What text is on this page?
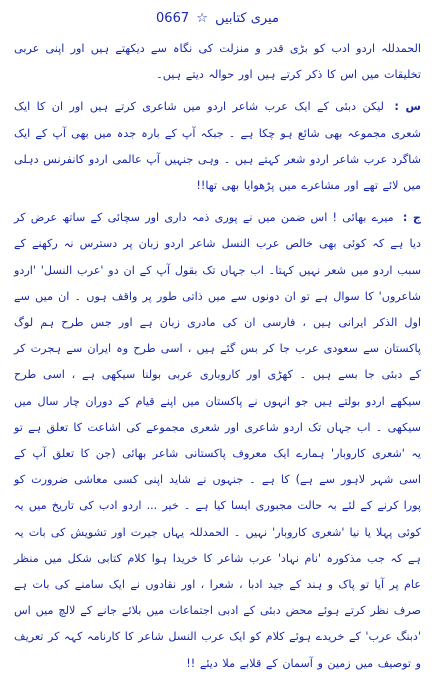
میری کتابیں ☆ 0667

الحمدللہ اردو ادب کو بڑی قدر و منزلت کی نگاہ سے دیکھتے ہیں اور اپنی عربی تخلیقات میں اس کا ذکر کرتے ہیں اور حوالہ دیتے ہیں۔

س : لیکن دبئی کے ایک عرب شاعر اردو میں شاعری کرتے ہیں اور ان کا ایک شعری مجموعہ بھی شائع ہو چکا ہے ۔ جبکہ آپ کے بارہ جدہ میں بھی آپ کے ایک شاگرد عرب شاعر اردو شعر کہتے ہیں ۔ وہی جنہیں آپ عالمی اردو کانفرنس دہلی میں لائے تھے اور مشاعرے میں پڑھوایا بھی تھا!!

ج : میرے بھائی ! اس ضمن میں نے پوری ذمہ داری اور سچائی کے ساتھ عرض کر دیا ہے کہ کوئی بھی خالص عرب النسل شاعر اردو زبان پر دسترس نہ رکھنے کے سبب اردو میں شعر نہیں کہتا۔ اب جہاں تک بقول آپ کے ان دو 'عرب النسل' 'اردو شاعروں' کا سوال ہے تو ان دونوں سے میں ذاتی طور پر واقف ہوں ۔ ان میں سے اول الذکر ایرانی ہیں ، فارسی ان کی مادری زبان ہے اور جس طرح ہم لوگ پاکستان سے سعودی عرب جا کر بس گئے ہیں ، اسی طرح وہ ایران سے ہجرت کر کے دبئی جا بسے ہیں ۔ کھڑی اور کاروباری عربی بولنا سیکھی ہے ، اسی طرح سیکھے اردو بولتے ہیں جو انہوں نے پاکستان میں اپنے قیام کے دوران چار سال میں سیکھی ۔ اب جہاں تک اردو شاعری اور شعری مجموعے کی اشاعت کا تعلق ہے تو یہ 'شعری کاروبار' ہمارے ایک معروف پاکستانی شاعر بھائی (جن کا تعلق آپ کے اسی شہر لاہور سے ہے) کا ہے ۔ جنہوں نے شاید اپنی کسی معاشی ضرورت کو پورا کرنے کے لئے بہ حالت مجبوری ایسا کیا ہے ۔ خیر ... اردو ادب کی تاریخ میں یہ کوئی پہلا یا نیا 'شعری کاروبار' نہیں ۔ الحمدللہ یہاں جیرت اور تشویش کی بات یہ ہے کہ جب مذکورہ 'نام نہاد' عرب شاعر کا خریدا ہوا کلام کتابی شکل میں منظر عام پر آیا تو پاک و ہند کے جید ادبا ، شعرا ، اور نقادوں نے ایک سامنے کی بات ہے صرف نظر کرتے ہوئے محض دبئی کے ادبی اجتماعات میں بلائے جانے کے لالچ میں اس 'دبنگ عرب' کے خریدے ہوئے کلام کو ایک عرب النسل شاعر کا کارنامہ کہہ کر تعریف و توصیف میں زمین و آسمان کے قلابے ملا دیئے !!
